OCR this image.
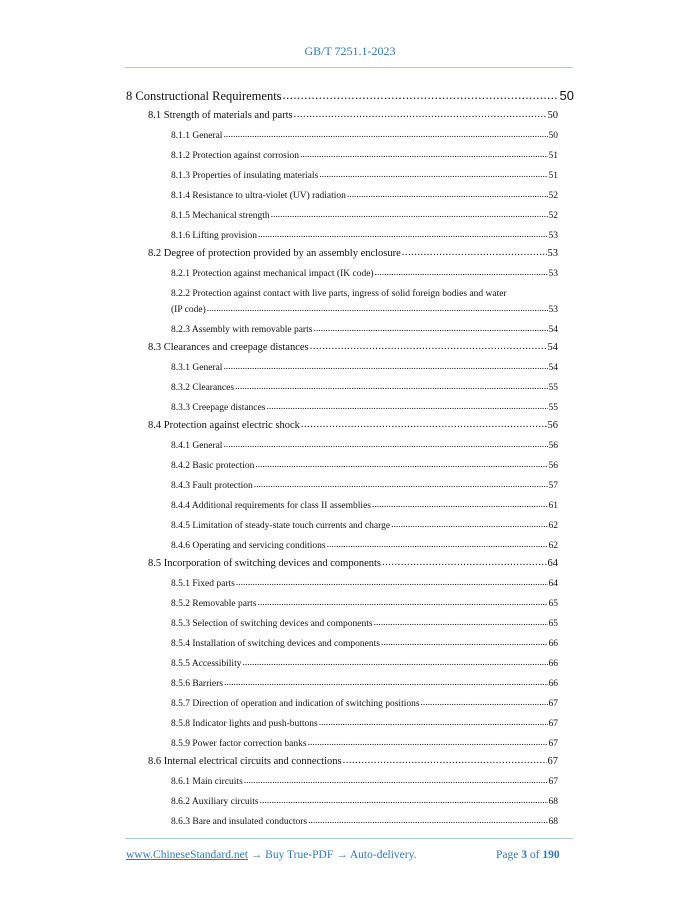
GB/T 7251.1-2023
8 Constructional Requirements .....	50
8.1 Strength of materials and parts .....	50
8.1.1 General .....	50
8.1.2 Protection against corrosion .....	51
8.1.3 Properties of insulating materials .....	51
8.1.4 Resistance to ultra-violet (UV) radiation .....	52
8.1.5 Mechanical strength .....	52
8.1.6 Lifting provision .....	53
8.2 Degree of protection provided by an assembly enclosure .....	53
8.2.1 Protection against mechanical impact (IK code) .....	53
8.2.2 Protection against contact with live parts, ingress of solid foreign bodies and water
(IP code) .....	53
8.2.3 Assembly with removable parts .....	54
8.3 Clearances and creepage distances .....	54
8.3.1 General .....	54
8.3.2 Clearances .....	55
8.3.3 Creepage distances .....	55
8.4 Protection against electric shock .....	56
8.4.1 General .....	56
8.4.2 Basic protection .....	56
8.4.3 Fault protection .....	57
8.4.4 Additional requirements for class II assemblies .....	61
8.4.5 Limitation of steady-state touch currents and charge .....	62
8.4.6 Operating and servicing conditions .....	62
8.5 Incorporation of switching devices and components .....	64
8.5.1 Fixed parts .....	64
8.5.2 Removable parts .....	65
8.5.3 Selection of switching devices and components .....	65
8.5.4 Installation of switching devices and components .....	66
8.5.5 Accessibility .....	66
8.5.6 Barriers .....	66
8.5.7 Direction of operation and indication of switching positions .....	67
8.5.8 Indicator lights and push-buttons .....	67
8.5.9 Power factor correction banks .....	67
8.6 Internal electrical circuits and connections .....	67
8.6.1 Main circuits .....	67
8.6.2 Auxiliary circuits .....	68
8.6.3 Bare and insulated conductors .....	68
www.ChineseStandard.net → Buy True-PDF → Auto-delivery.	Page 3 of 190
